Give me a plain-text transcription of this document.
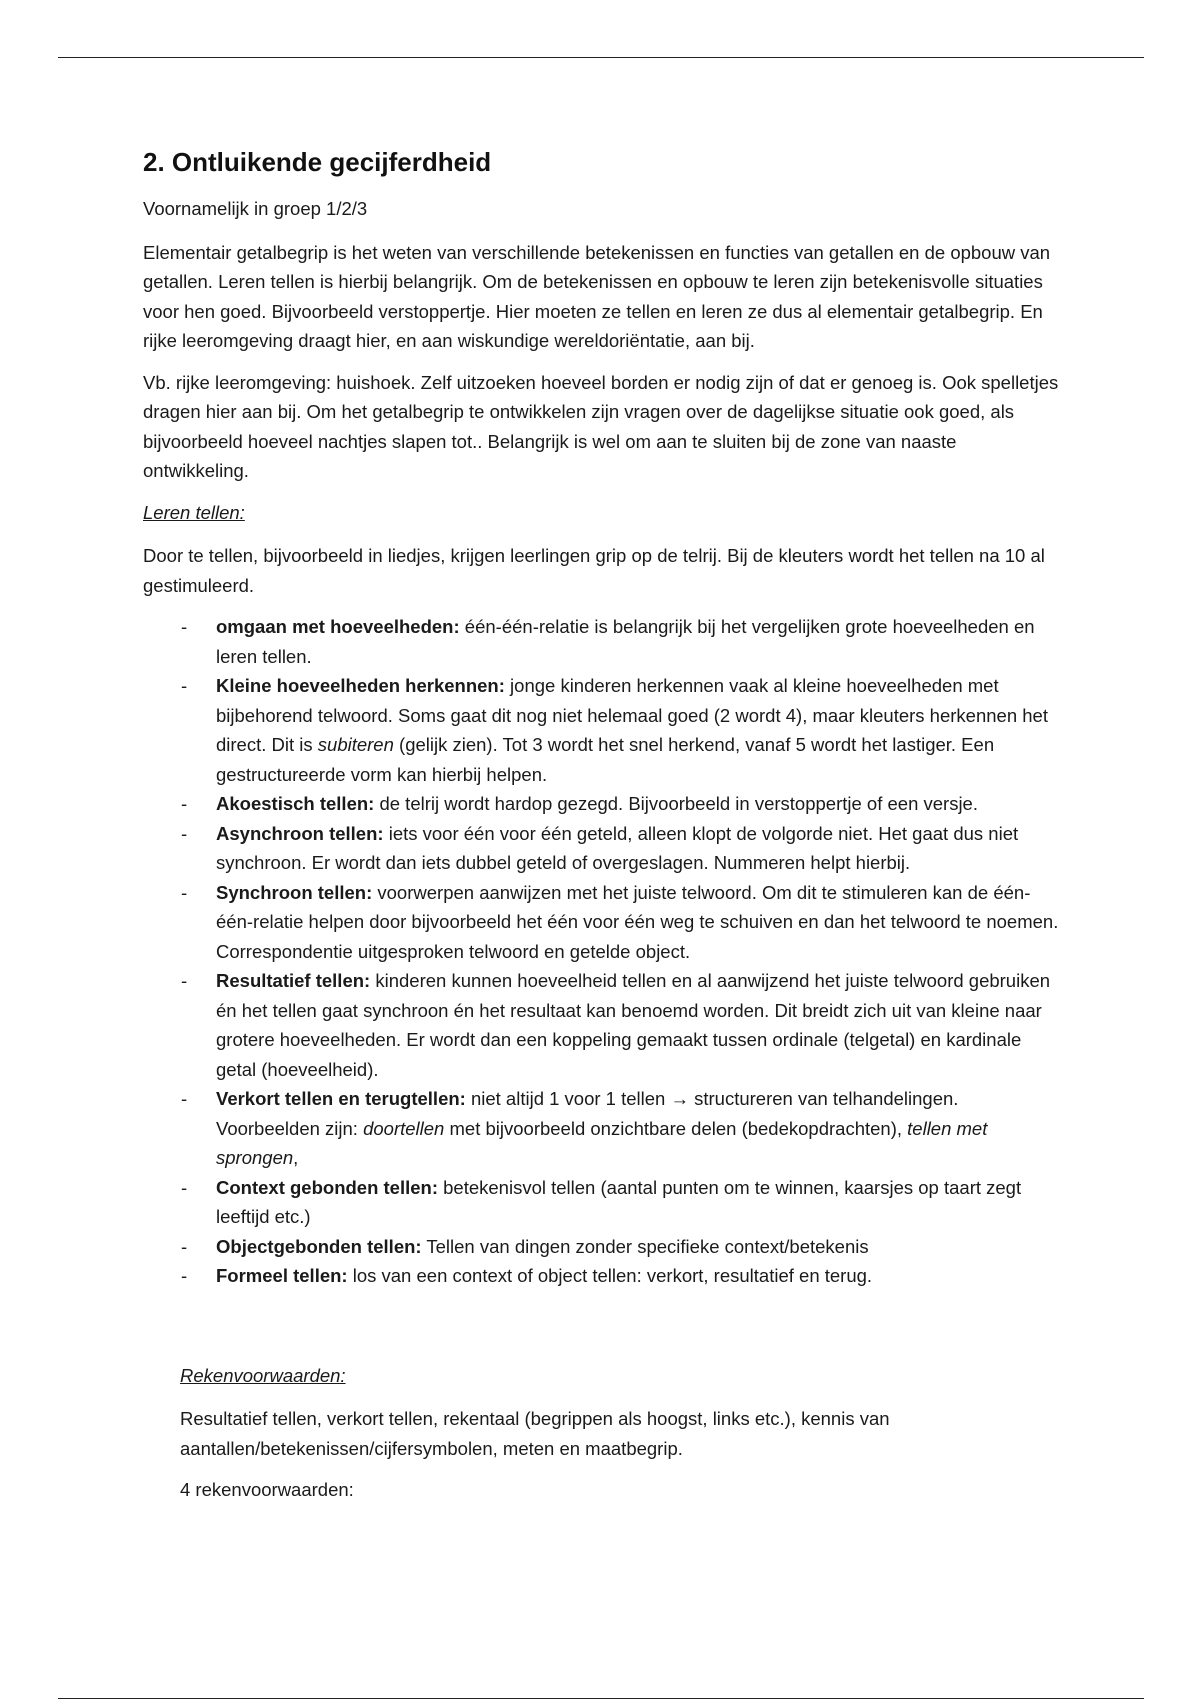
2. Ontluikende gecijferdheid

Voornamelijk in groep 1/2/3

Elementair getalbegrip is het weten van verschillende betekenissen en functies van getallen en de opbouw van getallen. Leren tellen is hierbij belangrijk. Om de betekenissen en opbouw te leren zijn betekenisvolle situaties voor hen goed. Bijvoorbeeld verstoppertje. Hier moeten ze tellen en leren ze dus al elementair getalbegrip. En rijke leeromgeving draagt hier, en aan wiskundige wereldoriëntatie, aan bij.

Vb. rijke leeromgeving: huishoek. Zelf uitzoeken hoeveel borden er nodig zijn of dat er genoeg is. Ook spelletjes dragen hier aan bij. Om het getalbegrip te ontwikkelen zijn vragen over de dagelijkse situatie ook goed, als bijvoorbeeld hoeveel nachtjes slapen tot.. Belangrijk is wel om aan te sluiten bij de zone van naaste ontwikkeling.

Leren tellen:

Door te tellen, bijvoorbeeld in liedjes, krijgen leerlingen grip op de telrij. Bij de kleuters wordt het tellen na 10 al gestimuleerd.

- omgaan met hoeveelheden: één-één-relatie is belangrijk bij het vergelijken grote hoeveelheden en leren tellen.
- Kleine hoeveelheden herkennen: jonge kinderen herkennen vaak al kleine hoeveelheden met bijbehorend telwoord. Soms gaat dit nog niet helemaal goed (2 wordt 4), maar kleuters herkennen het direct. Dit is subiteren (gelijk zien). Tot 3 wordt het snel herkend, vanaf 5 wordt het lastiger. Een gestructureerde vorm kan hierbij helpen.
- Akoestisch tellen: de telrij wordt hardop gezegd. Bijvoorbeeld in verstoppertje of een versje.
- Asynchroon tellen: iets voor één voor één geteld, alleen klopt de volgorde niet. Het gaat dus niet synchroon. Er wordt dan iets dubbel geteld of overgeslagen. Nummeren helpt hierbij.
- Synchroon tellen: voorwerpen aanwijzen met het juiste telwoord. Om dit te stimuleren kan de één-één-relatie helpen door bijvoorbeeld het één voor één weg te schuiven en dan het telwoord te noemen. Correspondentie uitgesproken telwoord en getelde object.
- Resultatief tellen: kinderen kunnen hoeveelheid tellen en al aanwijzend het juiste telwoord gebruiken én het tellen gaat synchroon én het resultaat kan benoemd worden. Dit breidt zich uit van kleine naar grotere hoeveelheden. Er wordt dan een koppeling gemaakt tussen ordinale (telgetal) en kardinale getal (hoeveelheid).
- Verkort tellen en terugtellen: niet altijd 1 voor 1 tellen → structureren van telhandelingen. Voorbeelden zijn: doortellen met bijvoorbeeld onzichtbare delen (bedekopdrachten), tellen met sprongen,
- Context gebonden tellen: betekenisvol tellen (aantal punten om te winnen, kaarsjes op taart zegt leeftijd etc.)
- Objectgebonden tellen: Tellen van dingen zonder specifieke context/betekenis
- Formeel tellen: los van een context of object tellen: verkort, resultatief en terug.

Rekenvoorwaarden:

Resultatief tellen, verkort tellen, rekentaal (begrippen als hoogst, links etc.), kennis van aantallen/betekenissen/cijfersymbolen, meten en maatbegrip.

4 rekenvoorwaarden:
